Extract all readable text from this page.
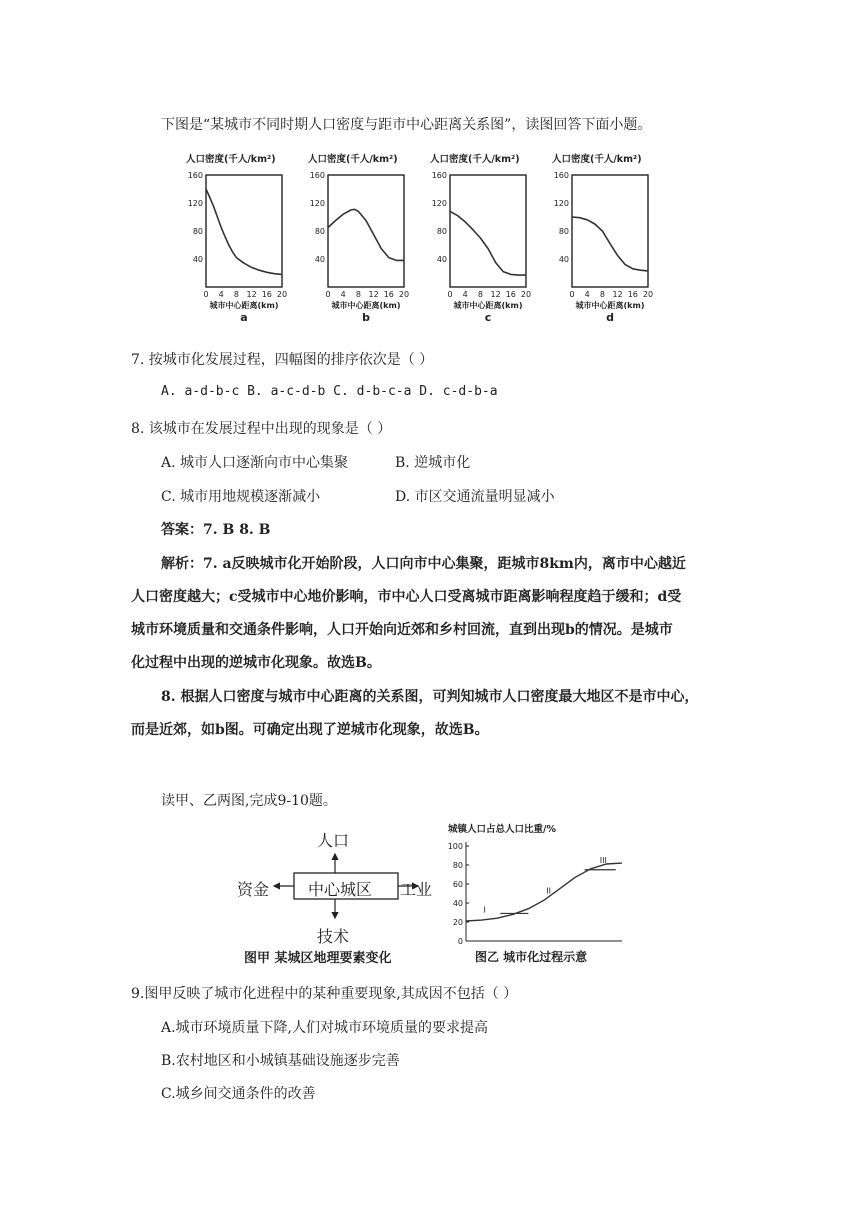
下图是“某城市不同时期人口密度与距市中心距离关系图”，读图回答下面小题。
人口密度(千人/km²)
160
120
80
40
0 4 8 12 16 20
城市中心距离(km)
a
人口密度(千人/km²)
160
120
80
40
0 4 8 12 16 20
城市中心距离(km)
b
人口密度(千人/km²)
160
120
80
40
0 4 8 12 16 20
城市中心距离(km)
c
人口密度(千人/km²)
160
120
80
40
0 4 8 12 16 20
城市中心距离(km)
d
7. 按城市化发展过程，四幅图的排序依次是（ ）
A. a-d-b-c B. a-c-d-b C. d-b-c-a D. c-d-b-a
8. 该城市在发展过程中出现的现象是（ ）
A. 城市人口逐渐向市中心集聚	B. 逆城市化
C. 城市用地规模逐渐减小	D. 市区交通流量明显减小
答案：7. B 8. B
解析：7. a反映城市化开始阶段，人口向市中心集聚，距城市8km内，离市中心越近
人口密度越大；c受城市中心地价影响，市中心人口受离城市距离影响程度趋于缓和；d受
城市环境质量和交通条件影响，人口开始向近郊和乡村回流，直到出现b的情况。是城市
化过程中出现的逆城市化现象。故选B。
8. 根据人口密度与城市中心距离的关系图，可判知城市人口密度最大地区不是市中心，
而是近郊，如b图。可确定出现了逆城市化现象，故选B。
读甲、乙两图,完成9-10题。
人口
资金 中心城区 工业
技术
图甲 某城区地理要素变化
城镇人口占总人口比重/%
0
20
40
60
80
100
I
II
III
图乙 城市化过程示意
9.图甲反映了城市化进程中的某种重要现象,其成因不包括（ ）
A.城市环境质量下降,人们对城市环境质量的要求提高
B.农村地区和小城镇基础设施逐步完善
C.城乡间交通条件的改善
